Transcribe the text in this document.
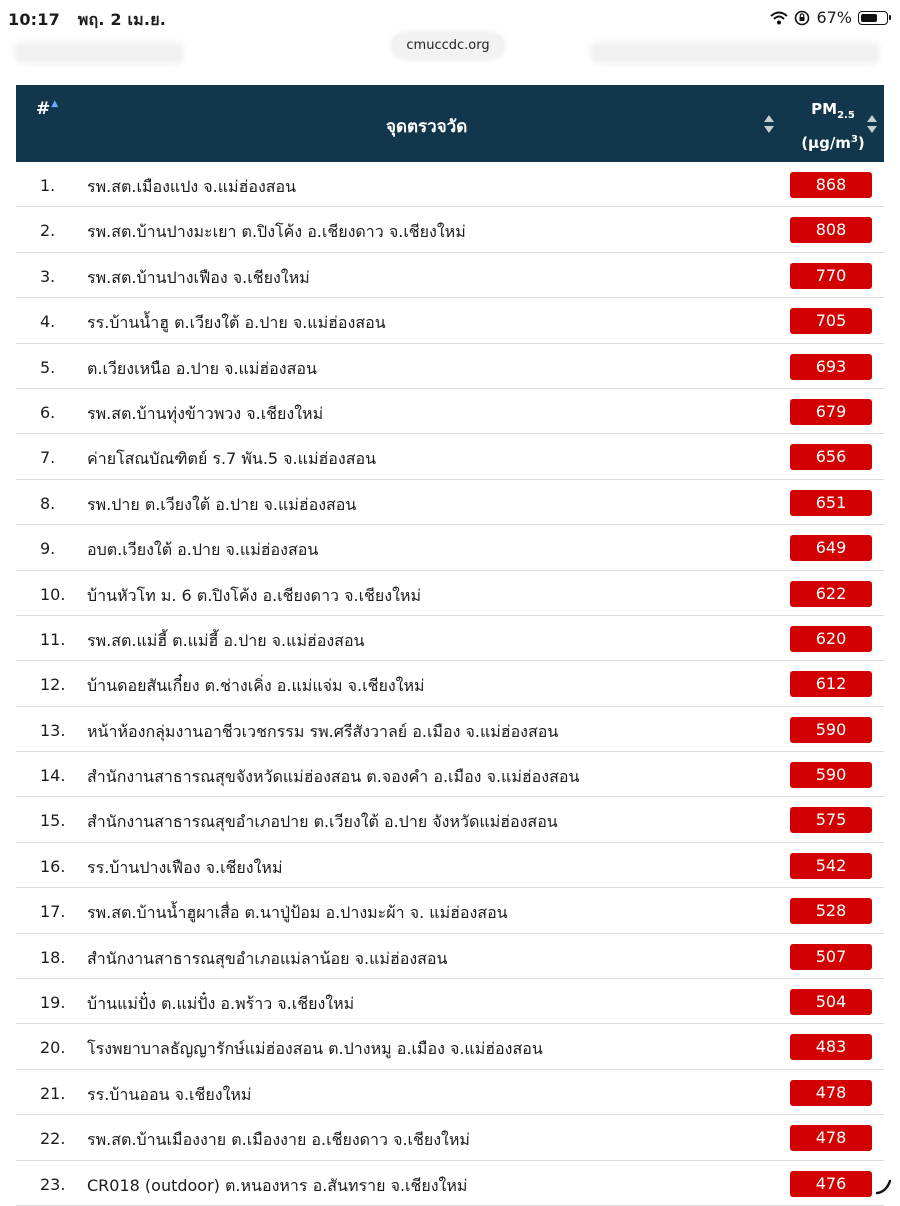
10:17 พฤ. 2 เม.ย.	67%
cmuccdc.org
#▲
จุดตรวจวัด
$PM_{2.5}$
$(\mu g/m^3)$
1. รพ.สต.เมืองแปง จ.แม่ฮ่องสอน	868
2. รพ.สต.บ้านปางมะเยา ต.ปิงโค้ง อ.เชียงดาว จ.เชียงใหม่	808
3. รพ.สต.บ้านปางเฟือง จ.เชียงใหม่	770
4. รร.บ้านน้ำฮู ต.เวียงใต้ อ.ปาย จ.แม่ฮ่องสอน	705
5. ต.เวียงเหนือ อ.ปาย จ.แม่ฮ่องสอน	693
6. รพ.สต.บ้านทุ่งข้าวพวง จ.เชียงใหม่	679
7. ค่ายโสณบัณฑิตย์ ร.7 พัน.5 จ.แม่ฮ่องสอน	656
8. รพ.ปาย ต.เวียงใต้ อ.ปาย จ.แม่ฮ่องสอน	651
9. อบต.เวียงใต้ อ.ปาย จ.แม่ฮ่องสอน	649
10. บ้านหัวโท ม. 6 ต.ปิงโค้ง อ.เชียงดาว จ.เชียงใหม่	622
11. รพ.สต.แม่ฮี้ ต.แม่ฮี้ อ.ปาย จ.แม่ฮ่องสอน	620
12. บ้านดอยสันเกี๋ยง ต.ช่างเคิ่ง อ.แม่แจ่ม จ.เชียงใหม่	612
13. หน้าห้องกลุ่มงานอาชีวเวชกรรม รพ.ศรีสังวาลย์ อ.เมือง จ.แม่ฮ่องสอน	590
14. สำนักงานสาธารณสุขจังหวัดแม่ฮ่องสอน ต.จองคำ อ.เมือง จ.แม่ฮ่องสอน	590
15. สำนักงานสาธารณสุขอำเภอปาย ต.เวียงใต้ อ.ปาย จังหวัดแม่ฮ่องสอน	575
16. รร.บ้านปางเฟือง จ.เชียงใหม่	542
17. รพ.สต.บ้านน้ำฮูผาเสื่อ ต.นาปู่ป้อม อ.ปางมะผ้า จ. แม่ฮ่องสอน	528
18. สำนักงานสาธารณสุขอำเภอแม่ลาน้อย จ.แม่ฮ่องสอน	507
19. บ้านแม่ปั๋ง ต.แม่ปั๋ง อ.พร้าว จ.เชียงใหม่	504
20. โรงพยาบาลธัญญารักษ์แม่ฮ่องสอน ต.ปางหมู อ.เมือง จ.แม่ฮ่องสอน	483
21. รร.บ้านออน จ.เชียงใหม่	478
22. รพ.สต.บ้านเมืองงาย ต.เมืองงาย อ.เชียงดาว จ.เชียงใหม่	478
23. CR018 (outdoor) ต.หนองหาร อ.สันทราย จ.เชียงใหม่	476
